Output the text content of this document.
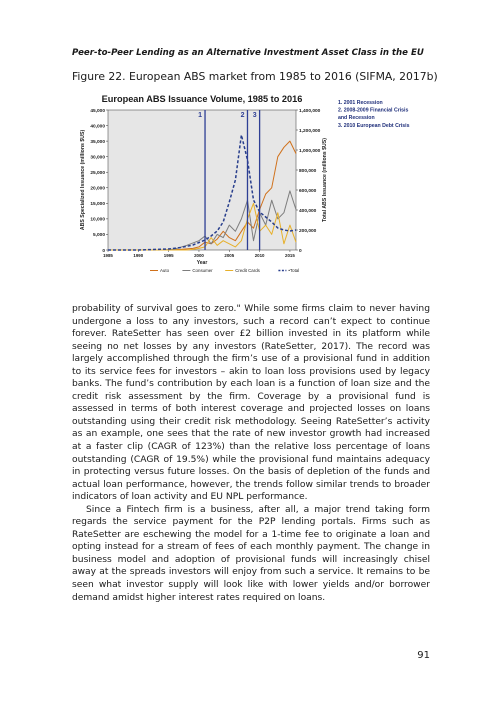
Peer-to-Peer Lending as an Alternative Investment Asset Class in the EU
Figure 22. European ABS market from 1985 to 2016 (SIFMA, 2017b)
European ABS Issuance Volume, 1985 to 2016
0
5,000
10,000
15,000
20,000
25,000
30,000
35,000
40,000
45,000
0
200,000
400,000
600,000
800,000
1,000,000
1,200,000
1,400,000
1985	1990	1995	2000	2005	2010	2015
Year
ABS Specialized Issuance (millions $US)	Total ABS Issuance (millions $US)
1	2 3
Auto	Consumer	Credit Cards	•Total
1. 2001 Recession
2. 2008-2009 Financial Crisis
and Recession
3. 2010 European Debt Crisis

probability of survival goes to zero." While some firms claim to never having undergone a loss to any investors, such a record can’t expect to continue forever. RateSetter has seen over £2 billion invested in its platform while seeing no net losses by any investors (RateSetter, 2017). The record was largely accomplished through the firm’s use of a provisional fund in addition to its service fees for investors – akin to loan loss provisions used by legacy banks. The fund’s contribution by each loan is a function of loan size and the credit risk assessment by the firm. Coverage by a provisional fund is assessed in terms of both interest coverage and projected losses on loans outstanding using their credit risk methodology. Seeing RateSetter’s activity as an example, one sees that the rate of new investor growth had increased at a faster clip (CAGR of 123%) than the relative loss percentage of loans outstanding (CAGR of 19.5%) while the provisional fund maintains adequacy in protecting versus future losses. On the basis of depletion of the funds and actual loan performance, however, the trends follow similar trends to broader indicators of loan activity and EU NPL performance.

Since a Fintech firm is a business, after all, a major trend taking form regards the service payment for the P2P lending portals. Firms such as RateSetter are eschewing the model for a 1-time fee to originate a loan and opting instead for a stream of fees of each monthly payment. The change in business model and adoption of provisional funds will increasingly chisel away at the spreads investors will enjoy from such a service. It remains to be seen what investor supply will look like with lower yields and/or borrower demand amidst higher interest rates required on loans.

91
